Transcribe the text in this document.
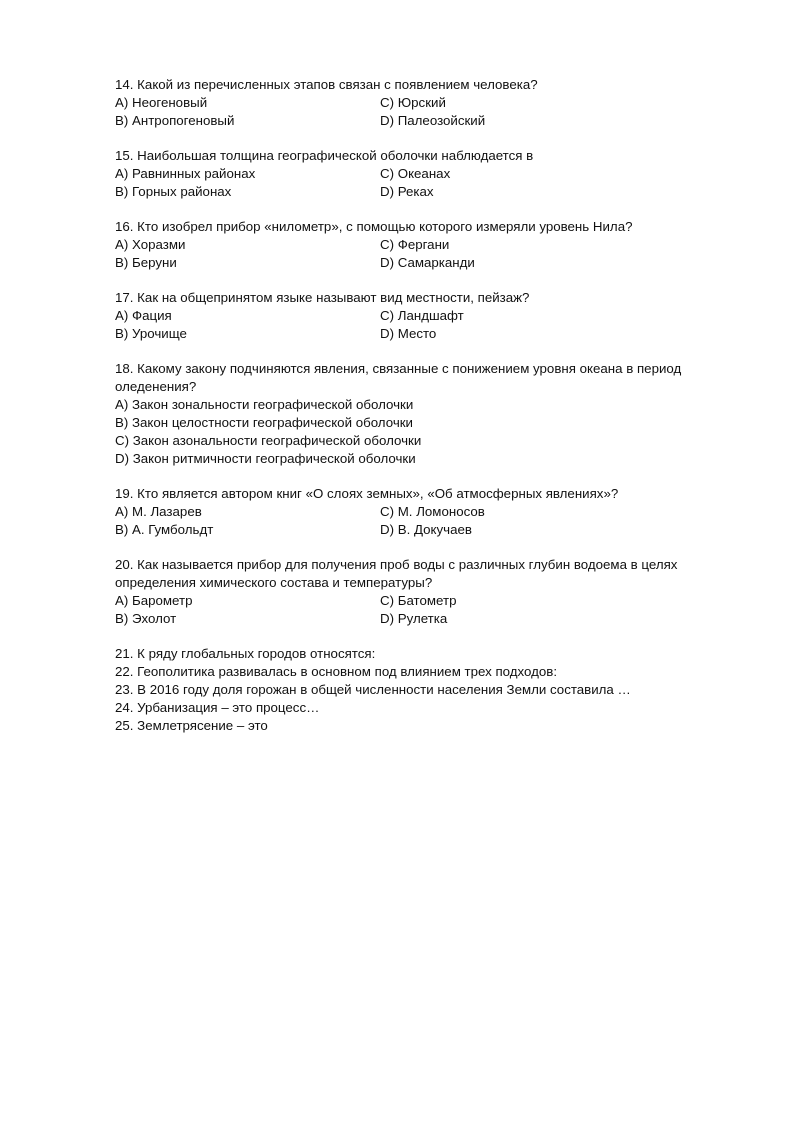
14. Какой из перечисленных этапов связан с появлением человека?
A) Неогеновый	C) Юрский
B) Антропогеновый	D) Палеозойский
15. Наибольшая толщина географической оболочки наблюдается в
A) Равнинных районах	C) Океанах
B) Горных районах	D) Реках
16. Кто изобрел прибор «нилометр», с помощью которого измеряли уровень Нила?
A) Хоразми	C) Фергани
B) Беруни	D) Самарканди
17. Как на общепринятом языке называют вид местности, пейзаж?
A) Фация	C) Ландшафт
B) Урочище	D) Место
18. Какому закону подчиняются явления, связанные с понижением уровня океана в период оледенения?
A) Закон зональности географической оболочки
B) Закон целостности географической оболочки
C) Закон азональности географической оболочки
D) Закон ритмичности географической оболочки
19. Кто является автором книг «О слоях земных», «Об атмосферных явлениях»?
A) М. Лазарев	C) М. Ломоносов
B) А. Гумбольдт	D) В. Докучаев
20. Как называется прибор для получения проб воды с различных глубин водоема в целях определения химического состава и температуры?
A) Барометр	C) Батометр
B) Эхолот	D) Рулетка
21. К ряду глобальных городов относятся:
22. Геополитика развивалась в основном под влиянием трех подходов:
23. В 2016 году доля горожан в общей численности населения Земли составила …
24. Урбанизация – это процесс…
25. Землетрясение – это
